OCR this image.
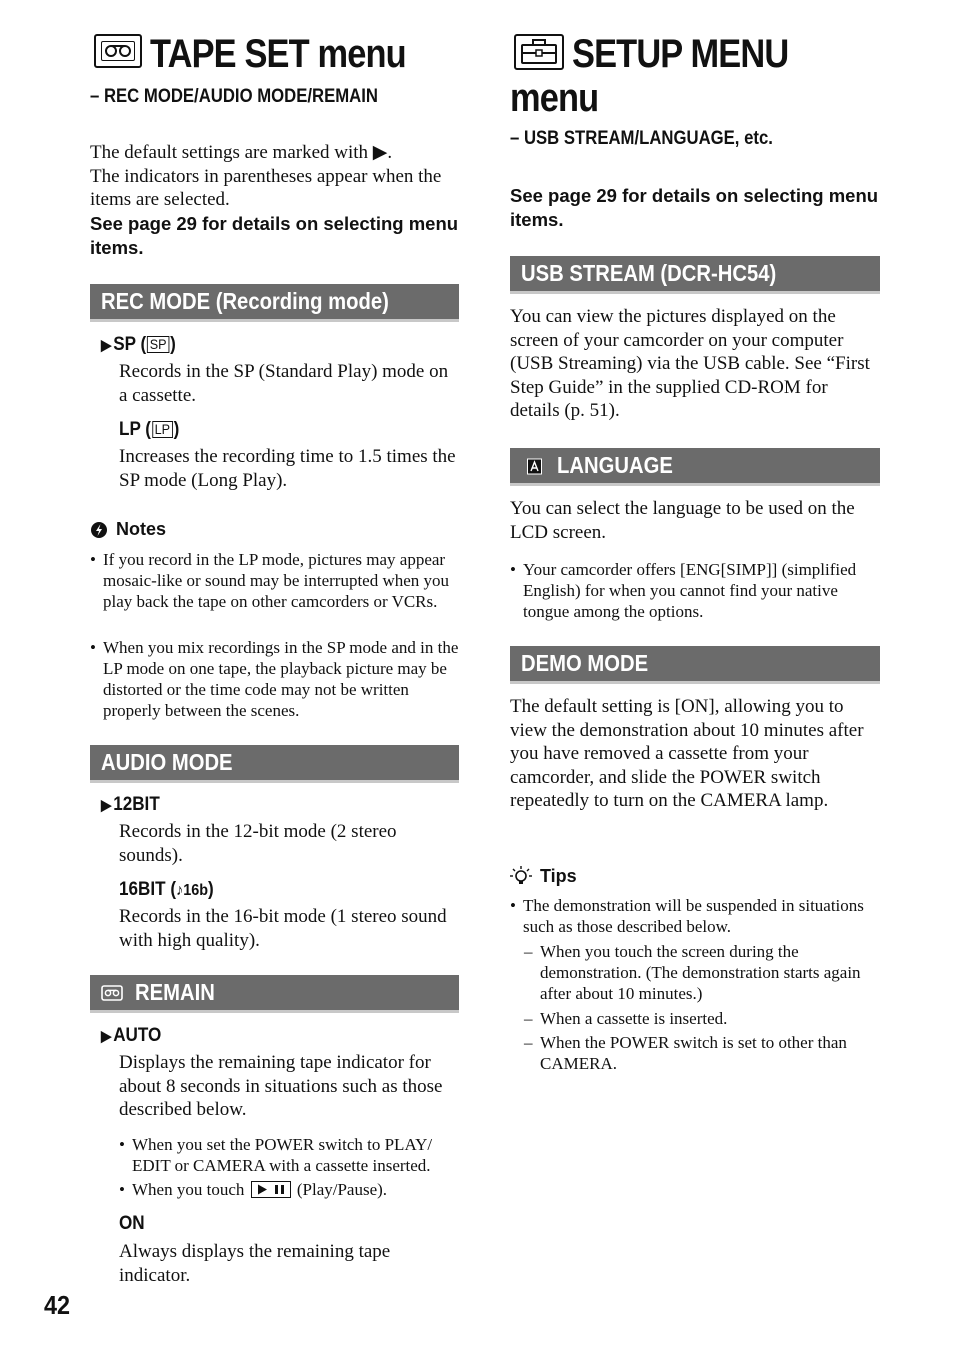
TAPE SET menu
– REC MODE/AUDIO MODE/REMAIN
The default settings are marked with ▶.
The indicators in parentheses appear when the items are selected.
See page 29 for details on selecting menu items.
REC MODE (Recording mode)
▶SP ( SP )
Records in the SP (Standard Play) mode on a cassette.
LP ( LP )
Increases the recording time to 1.5 times the SP mode (Long Play).
Notes
• If you record in the LP mode, pictures may appear mosaic-like or sound may be interrupted when you play back the tape on other camcorders or VCRs.
• When you mix recordings in the SP mode and in the LP mode on one tape, the playback picture may be distorted or the time code may not be written properly between the scenes.
AUDIO MODE
▶12BIT
Records in the 12-bit mode (2 stereo sounds).
16BIT (♪16b)
Records in the 16-bit mode (1 stereo sound with high quality).
REMAIN
▶AUTO
Displays the remaining tape indicator for about 8 seconds in situations such as those described below.
• When you set the POWER switch to PLAY/ EDIT or CAMERA with a cassette inserted.
• When you touch	(Play/Pause).
ON
Always displays the remaining tape indicator.
42
SETUP MENU
menu
– USB STREAM/LANGUAGE, etc.
See page 29 for details on selecting menu items.
USB STREAM (DCR-HC54)
You can view the pictures displayed on the screen of your camcorder on your computer (USB Streaming) via the USB cable. See “First Step Guide” in the supplied CD-ROM for details (p. 51).
LANGUAGE
You can select the language to be used on the LCD screen.
• Your camcorder offers [ENG[SIMP]] (simplified English) for when you cannot find your native tongue among the options.
DEMO MODE
The default setting is [ON], allowing you to view the demonstration about 10 minutes after you have removed a cassette from your camcorder, and slide the POWER switch repeatedly to turn on the CAMERA lamp.
Tips
• The demonstration will be suspended in situations such as those described below.
– When you touch the screen during the demonstration. (The demonstration starts again after about 10 minutes.)
– When a cassette is inserted.
– When the POWER switch is set to other than CAMERA.
